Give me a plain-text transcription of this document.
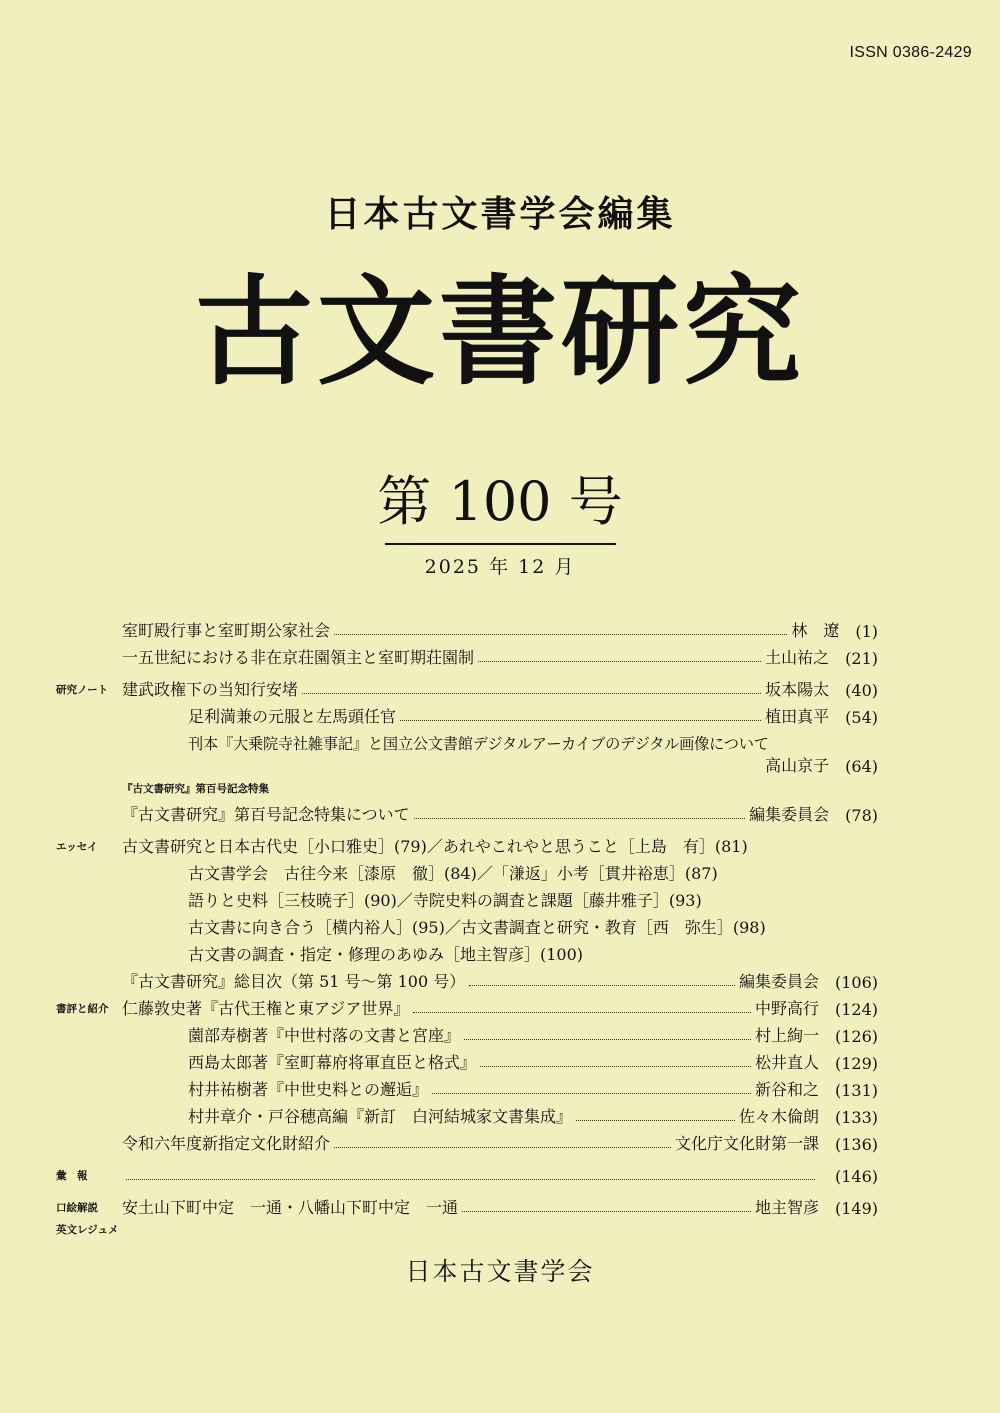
ISSN 0386-2429
日本古文書学会編集
古文書研究
第 100 号
2025 年 12 月
室町殿行事と室町期公家社会	林　遼 (1)
一五世紀における非在京荘園領主と室町期荘園制	土山祐之 (21)
研究ノート 建武政権下の当知行安堵	坂本陽太 (40)
足利満兼の元服と左馬頭任官	植田真平 (54)
刊本『大乗院寺社雑事記』と国立公文書館デジタルアーカイブのデジタル画像について
高山京子 (64)
『古文書研究』第百号記念特集
『古文書研究』第百号記念特集について	編集委員会 (78)
エッセイ	古文書研究と日本古代史［小口雅史］(79)／あれやこれやと思うこと［上島　有］(81)
古文書学会　古往今来［漆原　徹］(84)／「溓返」小考［貫井裕恵］(87)
語りと史料［三枝暁子］(90)／寺院史料の調査と課題［藤井雅子］(93)
古文書に向き合う［横内裕人］(95)／古文書調査と研究・教育［西　弥生］(98)
古文書の調査・指定・修理のあゆみ［地主智彦］(100)
『古文書研究』総目次（第 51 号～第 100 号）	編集委員会 (106)
書評と紹介 仁藤敦史著『古代王権と東アジア世界』	中野高行 (124)
薗部寿樹著『中世村落の文書と宮座』	村上絢一 (126)
西島太郎著『室町幕府将軍直臣と格式』	松井直人 (129)
村井祐樹著『中世史料との邂逅』	新谷和之 (131)
村井章介・戸谷穂高編『新訂　白河結城家文書集成』	佐々木倫朗 (133)
令和六年度新指定文化財紹介	文化庁文化財第一課 (136)
彙　報	(146)
口絵解説	安土山下町中定　一通・八幡山下町中定　一通	地主智彦 (149)
英文レジュメ
日本古文書学会
